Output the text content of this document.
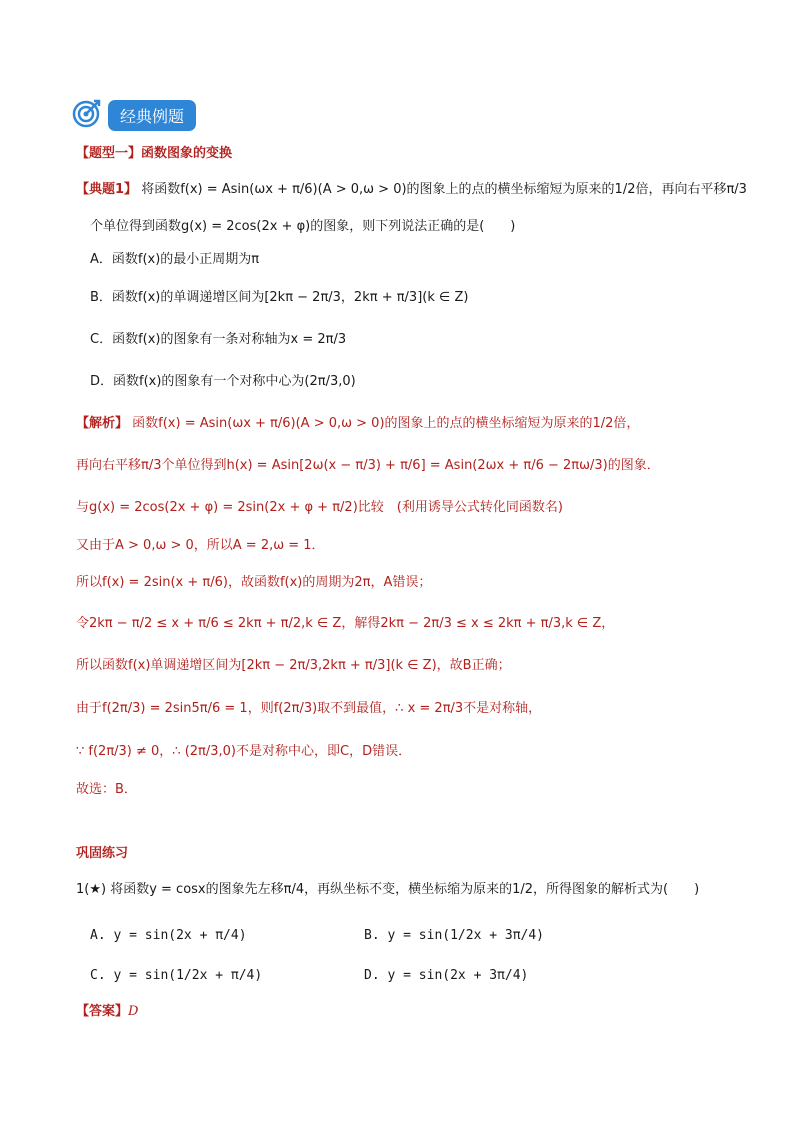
经典例题
【题型一】函数图象的变换
【典题1】 将函数f(x) = Asin(ωx + π/6)(A > 0,ω > 0)的图象上的点的横坐标缩短为原来的1/2倍，再向右平移π/3
个单位得到函数g(x) = 2cos(2x + φ)的图象，则下列说法正确的是(　　)
A．函数f(x)的最小正周期为π
B．函数f(x)的单调递增区间为[2kπ − 2π/3，2kπ + π/3](k ∈ Z)
C．函数f(x)的图象有一条对称轴为x = 2π/3
D．函数f(x)的图象有一个对称中心为(2π/3,0)
【解析】 函数f(x) = Asin(ωx + π/6)(A > 0,ω > 0)的图象上的点的横坐标缩短为原来的1/2倍，
再向右平移π/3个单位得到h(x) = Asin[2ω(x − π/3) + π/6] = Asin(2ωx + π/6 − 2πω/3)的图象．
与g(x) = 2cos(2x + φ) = 2sin(2x + φ + π/2)比较　(利用诱导公式转化同函数名)
又由于A > 0,ω > 0，所以A = 2,ω = 1．
所以f(x) = 2sin(x + π/6)，故函数f(x)的周期为2π，A错误；
令2kπ − π/2 ≤ x + π/6 ≤ 2kπ + π/2,k ∈ Z，解得2kπ − 2π/3 ≤ x ≤ 2kπ + π/3,k ∈ Z，
所以函数f(x)单调递增区间为[2kπ − 2π/3,2kπ + π/3](k ∈ Z)，故B正确；
由于f(2π/3) = 2sin5π/6 = 1，则f(2π/3)取不到最值，∴ x = 2π/3不是对称轴，
∵ f(2π/3) ≠ 0，∴ (2π/3,0)不是对称中心，即C，D错误．
故选：B．
巩固练习
1(★) 将函数y = cosx的图象先左移π/4，再纵坐标不变，横坐标缩为原来的1/2，所得图象的解析式为(　　)
A. y = sin(2x + π/4)	B. y = sin(1/2x + 3π/4)
C. y = sin(1/2x + π/4)	D. y = sin(2x + 3π/4)
【答案】D
